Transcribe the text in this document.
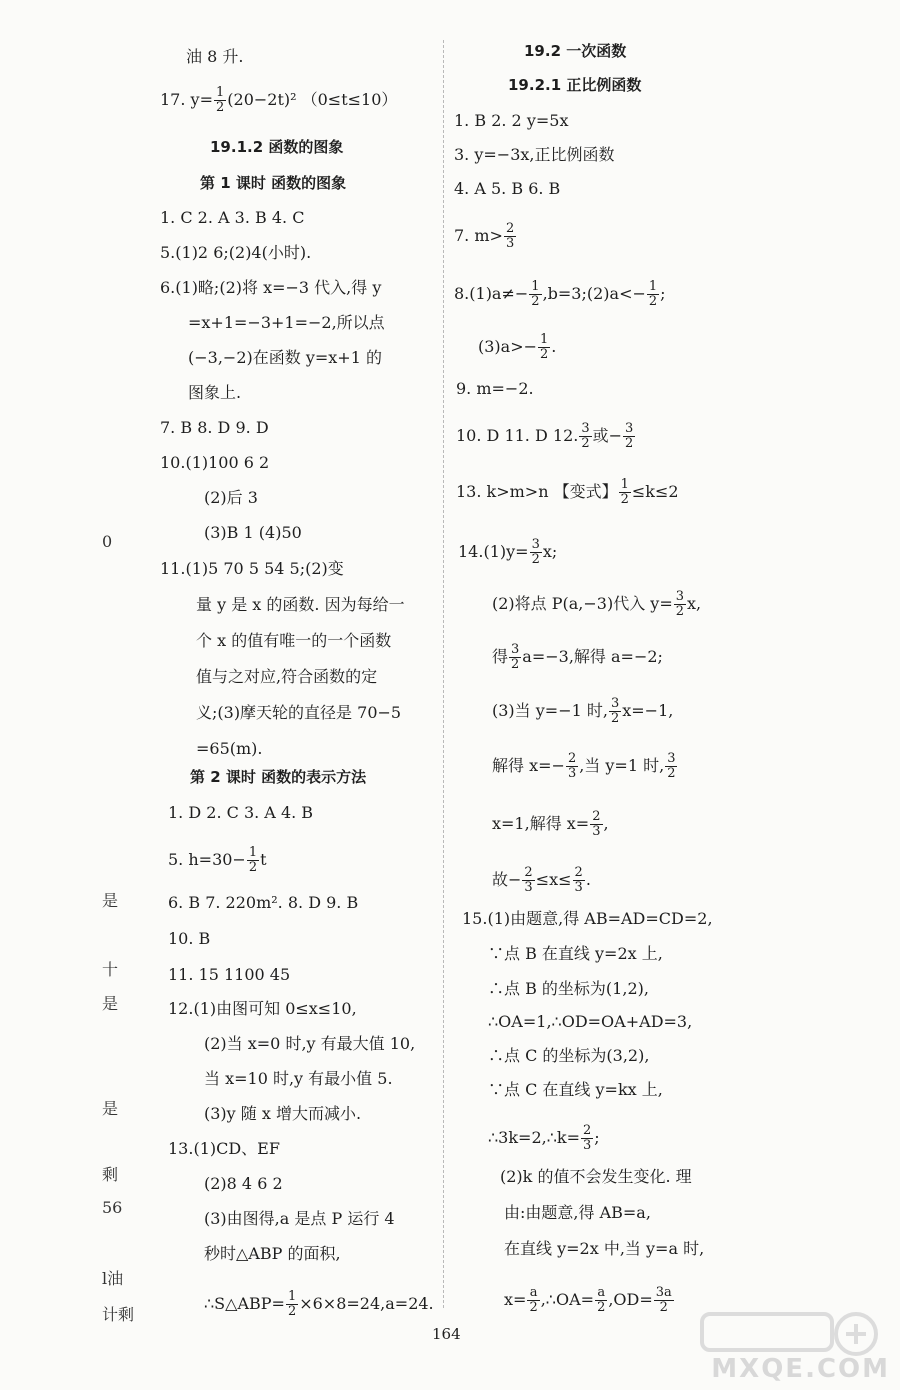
油 8 升.
17. $y= \frac{1}{2} (20-2t)^2$ （0≤t≤10）
19.1.2 函数的图象
第 1 课时 函数的图象
1. C 2. A 3. B 4. C
5.(1)2 6;(2)4(小时).
6.(1)略;(2)将 x=−3 代入,得 y
=x+1=−3+1=−2,所以点
(−3,−2)在函数 y=x+1 的
图象上.
7. B 8. D 9. D
10.(1)100 6 2
(2)后 3
(3)B 1 (4)50
11.(1)5 70 5 54 5;(2)变
量 y 是 x 的函数. 因为每给一
个 x 的值有唯一的一个函数
值与之对应,符合函数的定
义;(3)摩天轮的直径是 70−5
=65(m).
第 2 课时 函数的表示方法
1. D 2. C 3. A 4. B
5. $h=30- \frac{1}{2}$ t
6. B 7. 220m². 8. D 9. B
10. B
11. 15 1100 45
12.(1)由图可知 0≤x≤10,
(2)当 x=0 时,y 有最大值 10,
当 x=10 时,y 有最小值 5.
(3)y 随 x 增大而减小.
13.(1)CD、EF
(2)8 4 6 2
(3)由图得,a 是点 P 运行 4
秒时△ABP 的面积,
∴S△ABP= $\frac{1}{2} \times 6\times 8=24,a=24$.
0
是
十
是
是
剩
56
l油
计剩
19.2 一次函数
19.2.1 正比例函数
1. B 2. 2 y=5x
3. y=−3x,正比例函数
4. A 5. B 6. B
7. $m> \frac{2}{3}$
$8.(1)a\ne- \frac{1}{2}$ ,b=3;(2)a<− $\frac{1}{2}$ ;
$(3)a>- \frac{1}{2}$ .
9. m=−2.
10. D 11. D 12. $\frac{3}{2}$ 或− $\frac{3}{2}$
13. k>m>n 【变式】 $\frac{1}{2} \le k\le 2$
$14.(1)y= \frac{3}{2} x$;
(2)将点 P(a,−3)代入 $y= \frac{3}{2} x$,
得 $\frac{3}{2} a=-3$,解得 a=−2;
(3)当 y=−1 时, $\frac{3}{2} x=-1$,
解得 $x=- \frac{2}{3}$ ,当 y=1 时, $\frac{3}{2}$
x=1,解得 $x= \frac{2}{3}$ ,
故− $\frac{2}{3} \le x\le \frac{2}{3}$ .
15.(1)由题意,得 AB=AD=CD=2,
∵点 B 在直线 y=2x 上,
∴点 B 的坐标为(1,2),
∴OA=1,∴OD=OA+AD=3,
∴点 C 的坐标为(3,2),
∵点 C 在直线 y=kx 上,
∴3k=2,∴k= $\frac{2}{3}$ ;
(2)k 的值不会发生变化. 理
由:由题意,得 AB=a,
在直线 y=2x 中,当 y=a 时,
$x= \frac{a}{2}$ ,∴OA= $\frac{a}{2} ,OD= \frac{3a}{2}$
164
MXQE.COM
